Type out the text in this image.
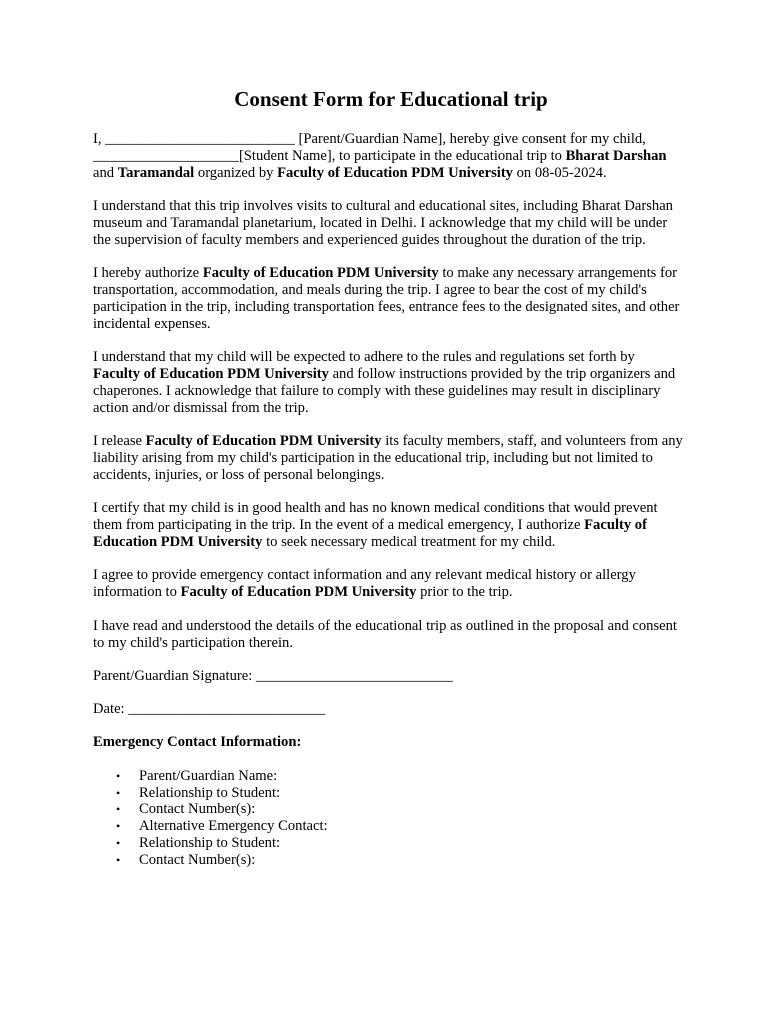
Consent Form for Educational trip

I, __________________________ [Parent/Guardian Name], hereby give consent for my child, ____________________[Student Name], to participate in the educational trip to Bharat Darshan and Taramandal organized by Faculty of Education PDM University on 08-05-2024.

I understand that this trip involves visits to cultural and educational sites, including Bharat Darshan museum and Taramandal planetarium, located in Delhi. I acknowledge that my child will be under the supervision of faculty members and experienced guides throughout the duration of the trip.

I hereby authorize Faculty of Education PDM University to make any necessary arrangements for transportation, accommodation, and meals during the trip. I agree to bear the cost of my child's participation in the trip, including transportation fees, entrance fees to the designated sites, and other incidental expenses.

I understand that my child will be expected to adhere to the rules and regulations set forth by Faculty of Education PDM University and follow instructions provided by the trip organizers and chaperones. I acknowledge that failure to comply with these guidelines may result in disciplinary action and/or dismissal from the trip.

I release Faculty of Education PDM University its faculty members, staff, and volunteers from any liability arising from my child's participation in the educational trip, including but not limited to accidents, injuries, or loss of personal belongings.

I certify that my child is in good health and has no known medical conditions that would prevent them from participating in the trip. In the event of a medical emergency, I authorize Faculty of Education PDM University to seek necessary medical treatment for my child.

I agree to provide emergency contact information and any relevant medical history or allergy information to Faculty of Education PDM University prior to the trip.

I have read and understood the details of the educational trip as outlined in the proposal and consent to my child's participation therein.

Parent/Guardian Signature: ___________________________

Date: ___________________________

Emergency Contact Information:
• Parent/Guardian Name:
• Relationship to Student:
• Contact Number(s):
• Alternative Emergency Contact:
• Relationship to Student:
• Contact Number(s):
